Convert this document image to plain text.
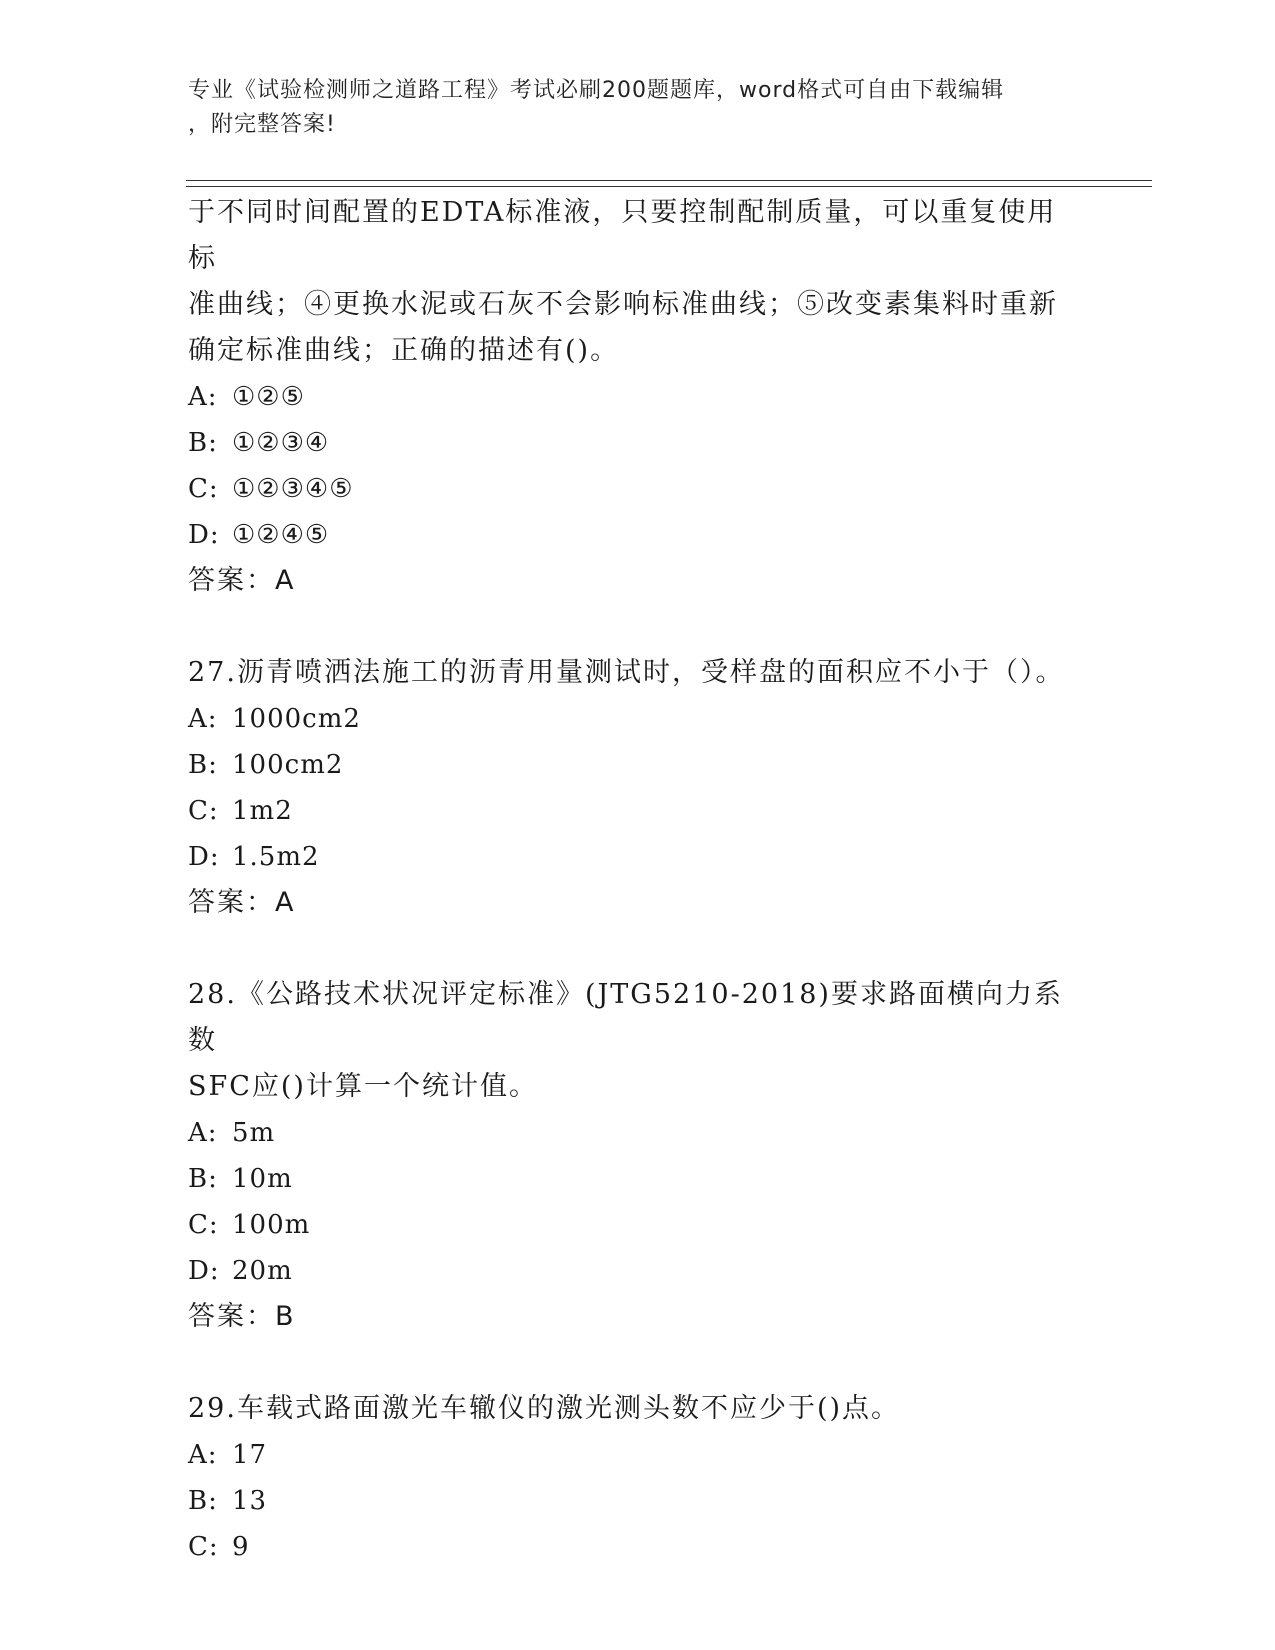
专业《试验检测师之道路工程》考试必刷200题题库，word格式可自由下载编辑
，附完整答案!

于不同时间配置的EDTA标准液，只要控制配制质量，可以重复使用标

准曲线；④更换水泥或石灰不会影响标准曲线；⑤改变素集料时重新

确定标准曲线；正确的描述有()。

A: ①②⑤

B: ①②③④

C: ①②③④⑤

D: ①②④⑤

答案：A

27.沥青喷洒法施工的沥青用量测试时，受样盘的面积应不小于（）。

A: 1000cm2

B: 100cm2

C: 1m2

D: 1.5m2

答案：A

28.《公路技术状况评定标准》(JTG5210-2018)要求路面横向力系数

SFC应()计算一个统计值。

A: 5m

B: 10m

C: 100m

D: 20m

答案：B

29.车载式路面激光车辙仪的激光测头数不应少于()点。

A: 17

B: 13

C: 9
